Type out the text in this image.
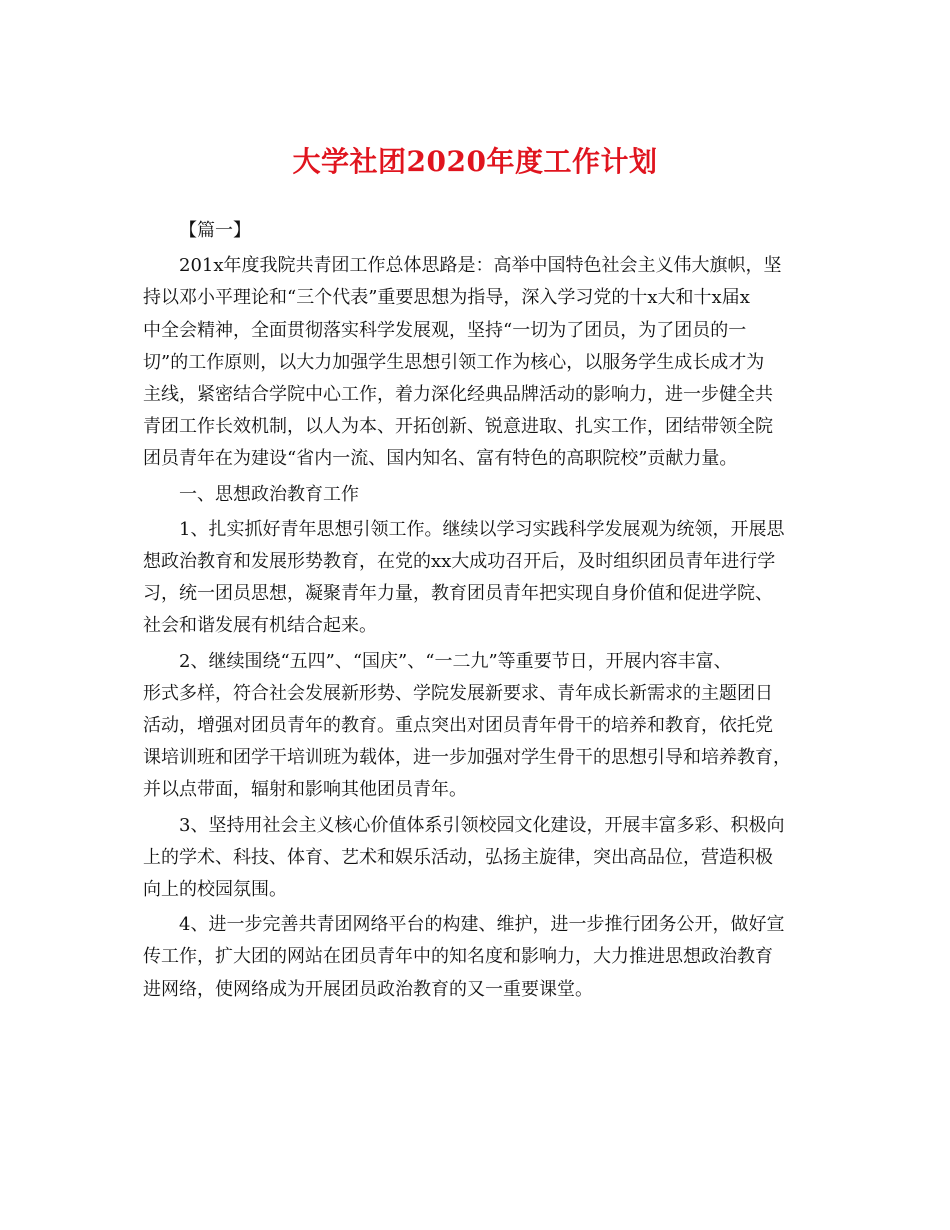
大学社团2020年度工作计划

【篇一】

201x年度我院共青团工作总体思路是：高举中国特色社会主义伟大旗帜，坚
持以邓小平理论和“三个代表”重要思想为指导，深入学习党的十x大和十x届x
中全会精神，全面贯彻落实科学发展观，坚持“一切为了团员，为了团员的一
切”的工作原则，以大力加强学生思想引领工作为核心，以服务学生成长成才为
主线，紧密结合学院中心工作，着力深化经典品牌活动的影响力，进一步健全共
青团工作长效机制，以人为本、开拓创新、锐意进取、扎实工作，团结带领全院
团员青年在为建设“省内一流、国内知名、富有特色的高职院校”贡献力量。

一、思想政治教育工作

1、扎实抓好青年思想引领工作。继续以学习实践科学发展观为统领，开展思
想政治教育和发展形势教育，在党的xx大成功召开后，及时组织团员青年进行学
习，统一团员思想，凝聚青年力量，教育团员青年把实现自身价值和促进学院、
社会和谐发展有机结合起来。

2、继续围绕“五四”、“国庆”、“一二九”等重要节日，开展内容丰富、
形式多样，符合社会发展新形势、学院发展新要求、青年成长新需求的主题团日
活动，增强对团员青年的教育。重点突出对团员青年骨干的培养和教育，依托党
课培训班和团学干培训班为载体，进一步加强对学生骨干的思想引导和培养教育，
并以点带面，辐射和影响其他团员青年。

3、坚持用社会主义核心价值体系引领校园文化建设，开展丰富多彩、积极向
上的学术、科技、体育、艺术和娱乐活动，弘扬主旋律，突出高品位，营造积极
向上的校园氛围。

4、进一步完善共青团网络平台的构建、维护，进一步推行团务公开，做好宣
传工作，扩大团的网站在团员青年中的知名度和影响力，大力推进思想政治教育
进网络，使网络成为开展团员政治教育的又一重要课堂。
